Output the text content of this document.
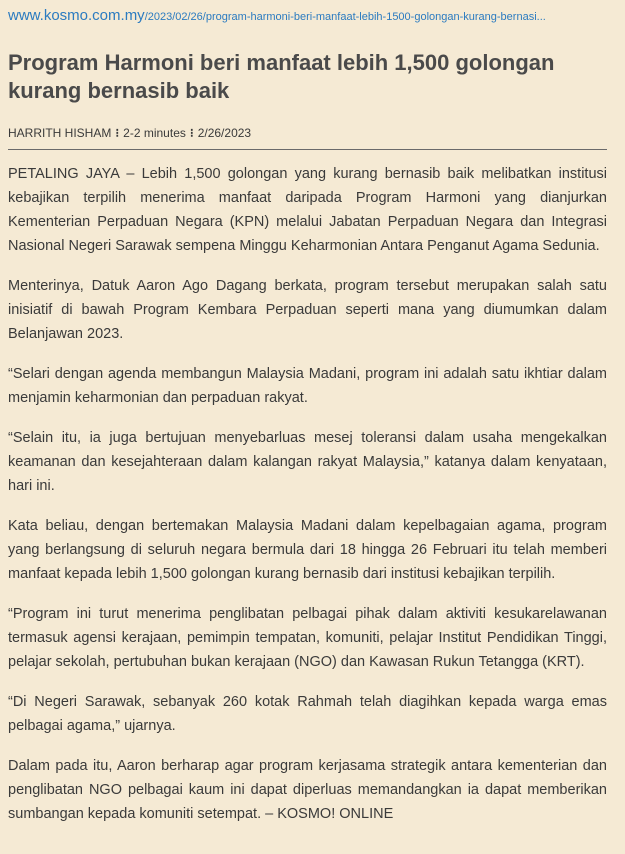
www.kosmo.com.my/2023/02/26/program-harmoni-beri-manfaat-lebih-1500-golongan-kurang-bernasi...
Program Harmoni beri manfaat lebih 1,500 golongan kurang bernasib baik
HARRITH HISHAM ⁝ 2-2 minutes ⁝ 2/26/2023

PETALING JAYA – Lebih 1,500 golongan yang kurang bernasib baik melibatkan institusi kebajikan terpilih menerima manfaat daripada Program Harmoni yang dianjurkan Kementerian Perpaduan Negara (KPN) melalui Jabatan Perpaduan Negara dan Integrasi Nasional Negeri Sarawak sempena Minggu Keharmonian Antara Penganut Agama Sedunia.

Menterinya, Datuk Aaron Ago Dagang berkata, program tersebut merupakan salah satu inisiatif di bawah Program Kembara Perpaduan seperti mana yang diumumkan dalam Belanjawan 2023.

“Selari dengan agenda membangun Malaysia Madani, program ini adalah satu ikhtiar dalam menjamin keharmonian dan perpaduan rakyat.

“Selain itu, ia juga bertujuan menyebarluas mesej toleransi dalam usaha mengekalkan keamanan dan kesejahteraan dalam kalangan rakyat Malaysia,” katanya dalam kenyataan, hari ini.

Kata beliau, dengan bertemakan Malaysia Madani dalam kepelbagaian agama, program yang berlangsung di seluruh negara bermula dari 18 hingga 26 Februari itu telah memberi manfaat kepada lebih 1,500 golongan kurang bernasib dari institusi kebajikan terpilih.

“Program ini turut menerima penglibatan pelbagai pihak dalam aktiviti kesukarelawanan termasuk agensi kerajaan, pemimpin tempatan, komuniti, pelajar Institut Pendidikan Tinggi, pelajar sekolah, pertubuhan bukan kerajaan (NGO) dan Kawasan Rukun Tetangga (KRT).

“Di Negeri Sarawak, sebanyak 260 kotak Rahmah telah diagihkan kepada warga emas pelbagai agama,” ujarnya.

Dalam pada itu, Aaron berharap agar program kerjasama strategik antara kementerian dan penglibatan NGO pelbagai kaum ini dapat diperluas memandangkan ia dapat memberikan sumbangan kepada komuniti setempat. – KOSMO! ONLINE
